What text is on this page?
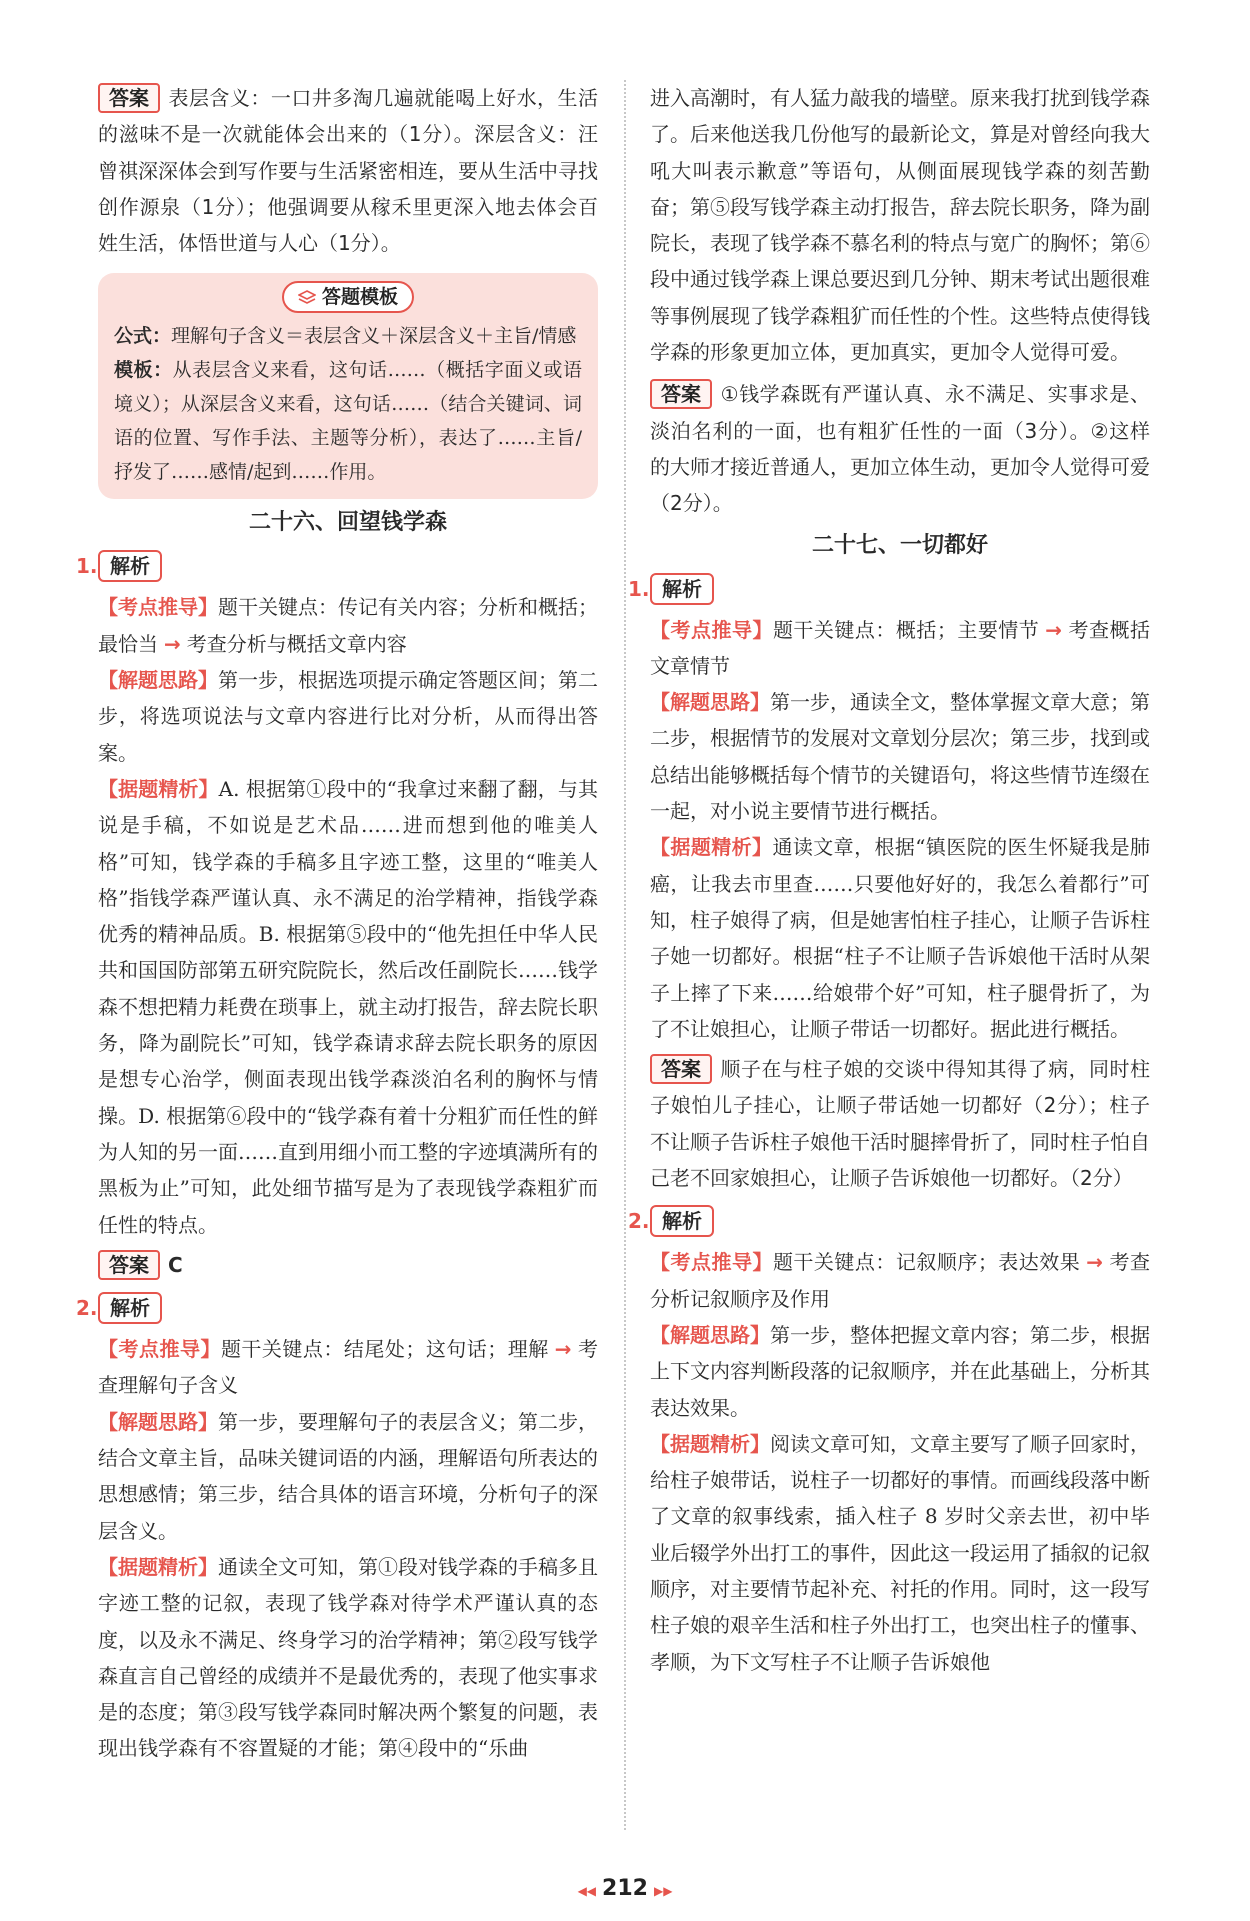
答案 表层含义：一口井多淘几遍就能喝上好水，生活的滋味不是一次就能体会出来的（1分）。深层含义：汪曾祺深深体会到写作要与生活紧密相连，要从生活中寻找创作源泉（1分）；他强调要从稼禾里更深入地去体会百姓生活，体悟世道与人心（1分）。

答题模板

公式：理解句子含义＝表层含义＋深层含义＋主旨/情感

模板：从表层含义来看，这句话……（概括字面义或语境义）；从深层含义来看，这句话……（结合关键词、词语的位置、写作手法、主题等分析），表达了……主旨/抒发了……感情/起到……作用。

二十六、回望钱学森
1. 解析

【考点推导】题干关键点：传记有关内容；分析和概括；最恰当 → 考查分析与概括文章内容

【解题思路】第一步，根据选项提示确定答题区间；第二步，将选项说法与文章内容进行比对分析，从而得出答案。

【据题精析】A. 根据第①段中的“我拿过来翻了翻，与其说是手稿，不如说是艺术品……进而想到他的唯美人格”可知，钱学森的手稿多且字迹工整，这里的“唯美人格”指钱学森严谨认真、永不满足的治学精神，指钱学森优秀的精神品质。B. 根据第⑤段中的“他先担任中华人民共和国国防部第五研究院院长，然后改任副院长……钱学森不想把精力耗费在琐事上，就主动打报告，辞去院长职务，降为副院长”可知，钱学森请求辞去院长职务的原因是想专心治学，侧面表现出钱学森淡泊名利的胸怀与情操。D. 根据第⑥段中的“钱学森有着十分粗犷而任性的鲜为人知的另一面……直到用细小而工整的字迹填满所有的黑板为止”可知，此处细节描写是为了表现钱学森粗犷而任性的特点。

答案 C

2. 解析

【考点推导】题干关键点：结尾处；这句话；理解 → 考查理解句子含义

【解题思路】第一步，要理解句子的表层含义；第二步，结合文章主旨，品味关键词语的内涵，理解语句所表达的思想感情；第三步，结合具体的语言环境，分析句子的深层含义。

【据题精析】通读全文可知，第①段对钱学森的手稿多且字迹工整的记叙，表现了钱学森对待学术严谨认真的态度，以及永不满足、终身学习的治学精神；第②段写钱学森直言自己曾经的成绩并不是最优秀的，表现了他实事求是的态度；第③段写钱学森同时解决两个繁复的问题，表现出钱学森有不容置疑的才能；第④段中的“乐曲

进入高潮时，有人猛力敲我的墙壁。原来我打扰到钱学森了。后来他送我几份他写的最新论文，算是对曾经向我大吼大叫表示歉意”等语句，从侧面展现钱学森的刻苦勤奋；第⑤段写钱学森主动打报告，辞去院长职务，降为副院长，表现了钱学森不慕名利的特点与宽广的胸怀；第⑥段中通过钱学森上课总要迟到几分钟、期末考试出题很难等事例展现了钱学森粗犷而任性的个性。这些特点使得钱学森的形象更加立体，更加真实，更加令人觉得可爱。

答案 ①钱学森既有严谨认真、永不满足、实事求是、淡泊名利的一面，也有粗犷任性的一面（3分）。②这样的大师才接近普通人，更加立体生动，更加令人觉得可爱（2分）。

二十七、一切都好
1. 解析

【考点推导】题干关键点：概括；主要情节 → 考查概括文章情节

【解题思路】第一步，通读全文，整体掌握文章大意；第二步，根据情节的发展对文章划分层次；第三步，找到或总结出能够概括每个情节的关键语句，将这些情节连缀在一起，对小说主要情节进行概括。

【据题精析】通读文章，根据“镇医院的医生怀疑我是肺癌，让我去市里查……只要他好好的，我怎么着都行”可知，柱子娘得了病，但是她害怕柱子挂心，让顺子告诉柱子她一切都好。根据“柱子不让顺子告诉娘他干活时从架子上摔了下来……给娘带个好”可知，柱子腿骨折了，为了不让娘担心，让顺子带话一切都好。据此进行概括。

答案 顺子在与柱子娘的交谈中得知其得了病，同时柱子娘怕儿子挂心，让顺子带话她一切都好（2分）；柱子不让顺子告诉柱子娘他干活时腿摔骨折了，同时柱子怕自己老不回家娘担心，让顺子告诉娘他一切都好。（2分）

2. 解析

【考点推导】题干关键点：记叙顺序；表达效果 → 考查分析记叙顺序及作用

【解题思路】第一步，整体把握文章内容；第二步，根据上下文内容判断段落的记叙顺序，并在此基础上，分析其表达效果。

【据题精析】阅读文章可知，文章主要写了顺子回家时，给柱子娘带话，说柱子一切都好的事情。而画线段落中断了文章的叙事线索，插入柱子 8 岁时父亲去世，初中毕业后辍学外出打工的事件，因此这一段运用了插叙的记叙顺序，对主要情节起补充、衬托的作用。同时，这一段写柱子娘的艰辛生活和柱子外出打工，也突出柱子的懂事、孝顺，为下文写柱子不让顺子告诉娘他

◀◀ 212 ▶▶
